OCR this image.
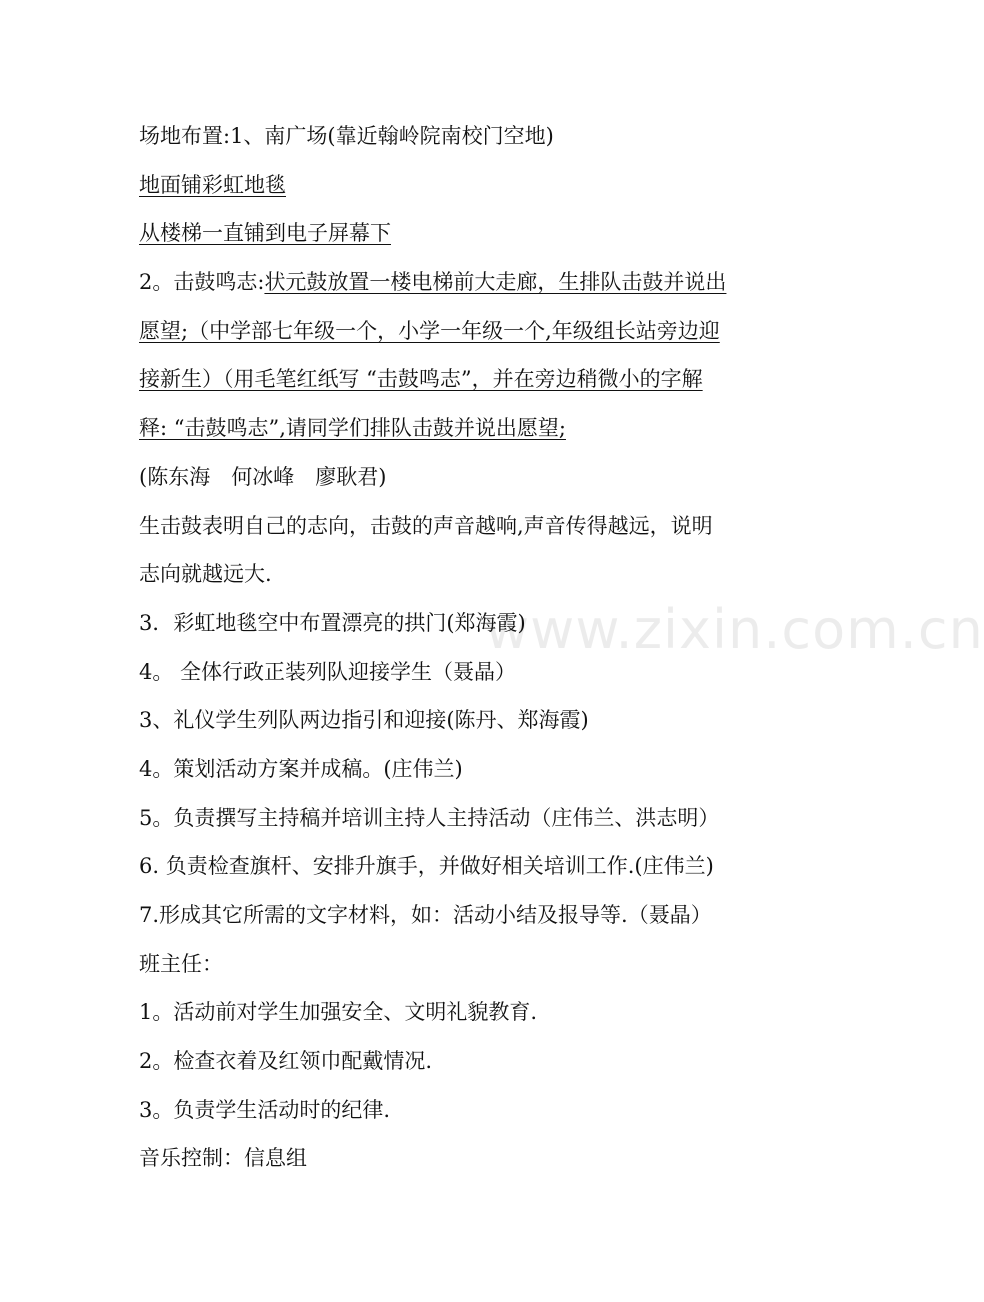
www.zixin.com.cn
场地布置:1、南广场(靠近翰岭院南校门空地)
地面铺彩虹地毯
从楼梯一直铺到电子屏幕下
2。击鼓鸣志:状元鼓放置一楼电梯前大走廊，生排队击鼓并说出
愿望;（中学部七年级一个，小学一年级一个,年级组长站旁边迎
接新生）（用毛笔红纸写 “击鼓鸣志”，并在旁边稍微小的字解
释: “击鼓鸣志”,请同学们排队击鼓并说出愿望;
(陈东海　何冰峰　廖耿君)
生击鼓表明自己的志向，击鼓的声音越响,声音传得越远，说明
志向就越远大.
3．彩虹地毯空中布置漂亮的拱门(郑海霞)
4。 全体行政正装列队迎接学生（聂晶）
3、礼仪学生列队两边指引和迎接(陈丹、郑海霞)
4。策划活动方案并成稿。(庄伟兰)
5。负责撰写主持稿并培训主持人主持活动（庄伟兰、洪志明）
6. 负责检查旗杆、安排升旗手，并做好相关培训工作.(庄伟兰)
7.形成其它所需的文字材料，如：活动小结及报导等.（聂晶）
班主任：
1。活动前对学生加强安全、文明礼貌教育.
2。检查衣着及红领巾配戴情况.
3。负责学生活动时的纪律.
音乐控制：信息组
